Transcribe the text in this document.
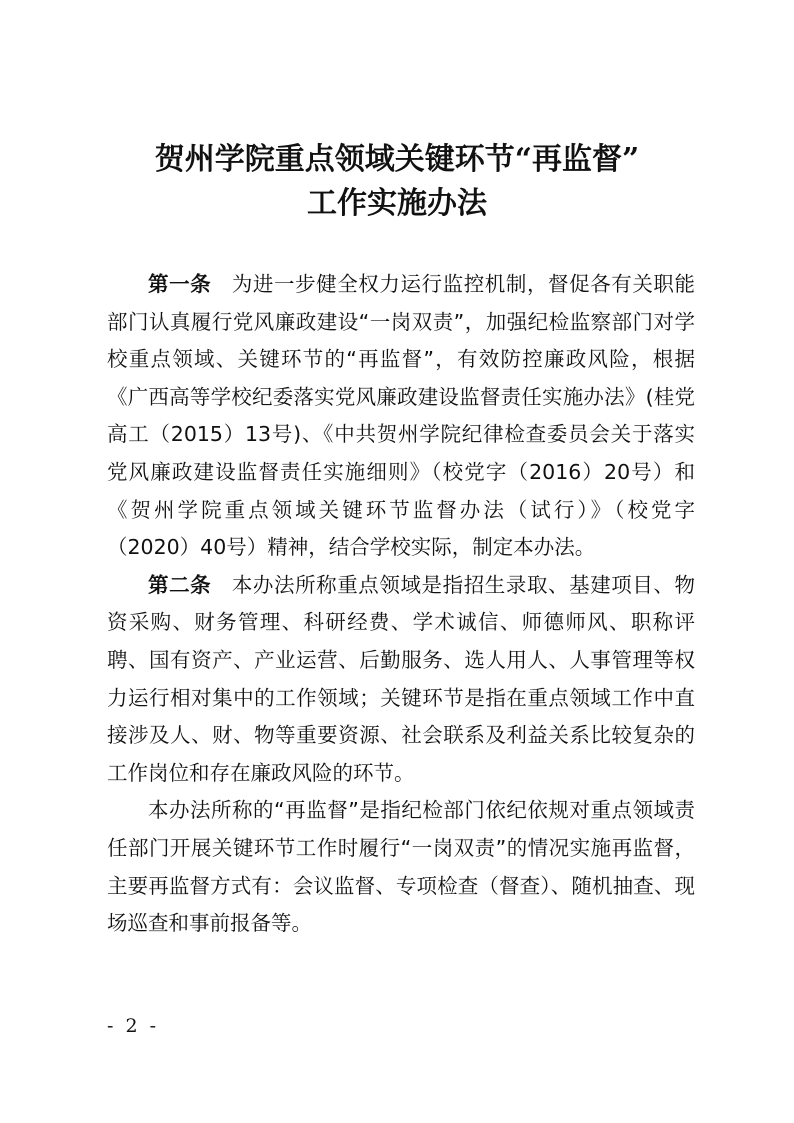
贺州学院重点领域关键环节“再监督”
工作实施办法

第一条 为进一步健全权力运行监控机制，督促各有关职能部门认真履行党风廉政建设“一岗双责”，加强纪检监察部门对学校重点领域、关键环节的“再监督”，有效防控廉政风险，根据《广西高等学校纪委落实党风廉政建设监督责任实施办法》(桂党高工（2015）13号)、《中共贺州学院纪律检查委员会关于落实党风廉政建设监督责任实施细则》（校党字（2016）20号）和《贺州学院重点领域关键环节监督办法（试行）》（校党字（2020）40号）精神，结合学校实际，制定本办法。

第二条 本办法所称重点领域是指招生录取、基建项目、物资采购、财务管理、科研经费、学术诚信、师德师风、职称评聘、国有资产、产业运营、后勤服务、选人用人、人事管理等权力运行相对集中的工作领域；关键环节是指在重点领域工作中直接涉及人、财、物等重要资源、社会联系及利益关系比较复杂的工作岗位和存在廉政风险的环节。

本办法所称的“再监督”是指纪检部门依纪依规对重点领域责任部门开展关键环节工作时履行“一岗双责”的情况实施再监督，主要再监督方式有：会议监督、专项检查（督查）、随机抽查、现场巡查和事前报备等。

- 2 -
